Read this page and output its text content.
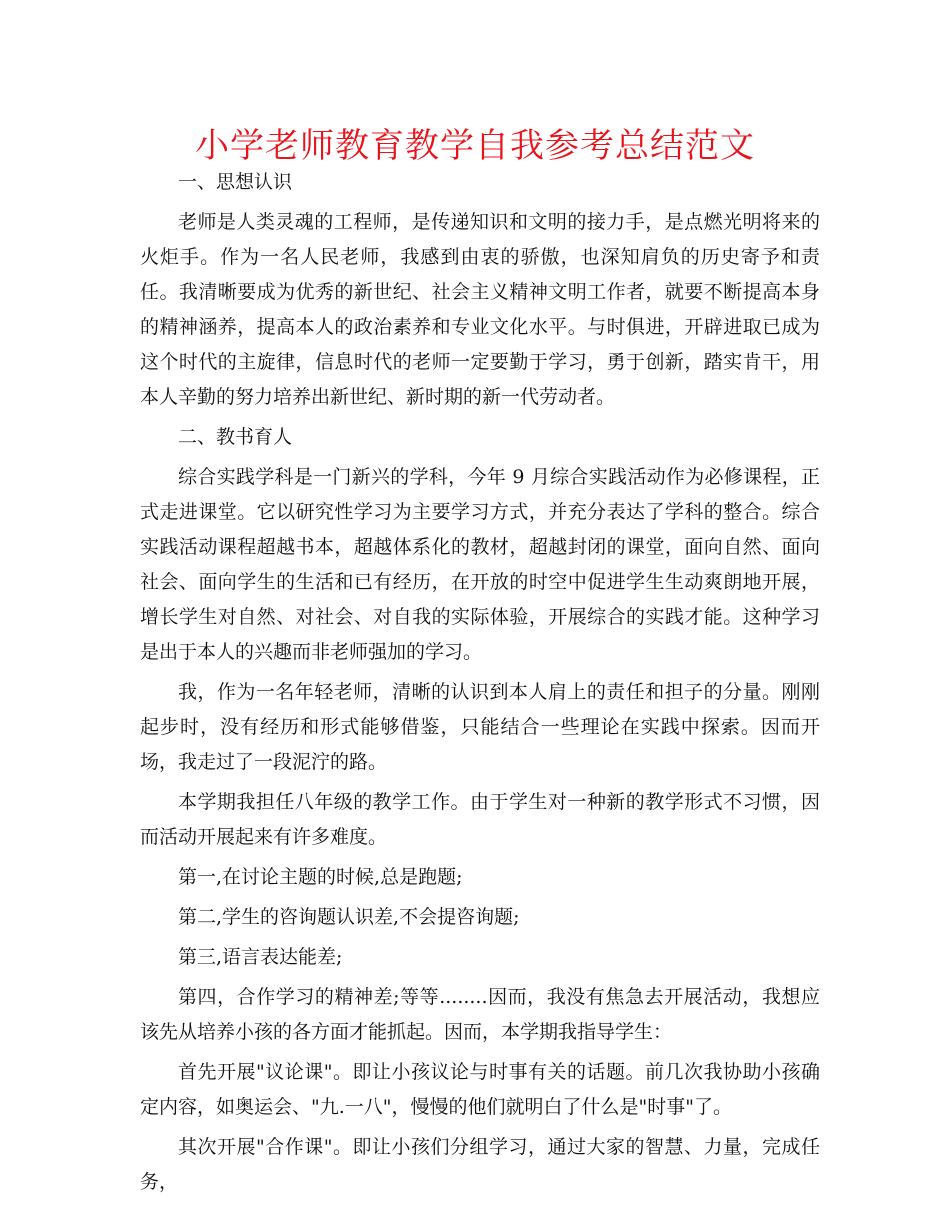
小学老师教育教学自我参考总结范文

一、思想认识

老师是人类灵魂的工程师，是传递知识和文明的接力手，是点燃光明将来的火炬手。作为一名人民老师，我感到由衷的骄傲，也深知肩负的历史寄予和责任。我清晰要成为优秀的新世纪、社会主义精神文明工作者，就要不断提高本身的精神涵养，提高本人的政治素养和专业文化水平。与时俱进，开辟进取已成为这个时代的主旋律，信息时代的老师一定要勤于学习，勇于创新，踏实肯干，用本人辛勤的努力培养出新世纪、新时期的新一代劳动者。

二、教书育人

综合实践学科是一门新兴的学科，今年 9 月综合实践活动作为必修课程，正式走进课堂。它以研究性学习为主要学习方式，并充分表达了学科的整合。综合实践活动课程超越书本，超越体系化的教材，超越封闭的课堂，面向自然、面向社会、面向学生的生活和已有经历，在开放的时空中促进学生生动爽朗地开展，增长学生对自然、对社会、对自我的实际体验，开展综合的实践才能。这种学习是出于本人的兴趣而非老师强加的学习。

我，作为一名年轻老师，清晰的认识到本人肩上的责任和担子的分量。刚刚起步时，没有经历和形式能够借鉴，只能结合一些理论在实践中探索。因而开场，我走过了一段泥泞的路。

本学期我担任八年级的教学工作。由于学生对一种新的教学形式不习惯，因而活动开展起来有许多难度。

第一,在讨论主题的时候,总是跑题;

第二,学生的咨询题认识差,不会提咨询题;

第三,语言表达能差;

第四，合作学习的精神差;等等........因而，我没有焦急去开展活动，我想应该先从培养小孩的各方面才能抓起。因而，本学期我指导学生：

首先开展"议论课"。即让小孩议论与时事有关的话题。前几次我协助小孩确定内容，如奥运会、"九.一八"，慢慢的他们就明白了什么是"时事"了。

其次开展"合作课"。即让小孩们分组学习，通过大家的智慧、力量，完成任务，
